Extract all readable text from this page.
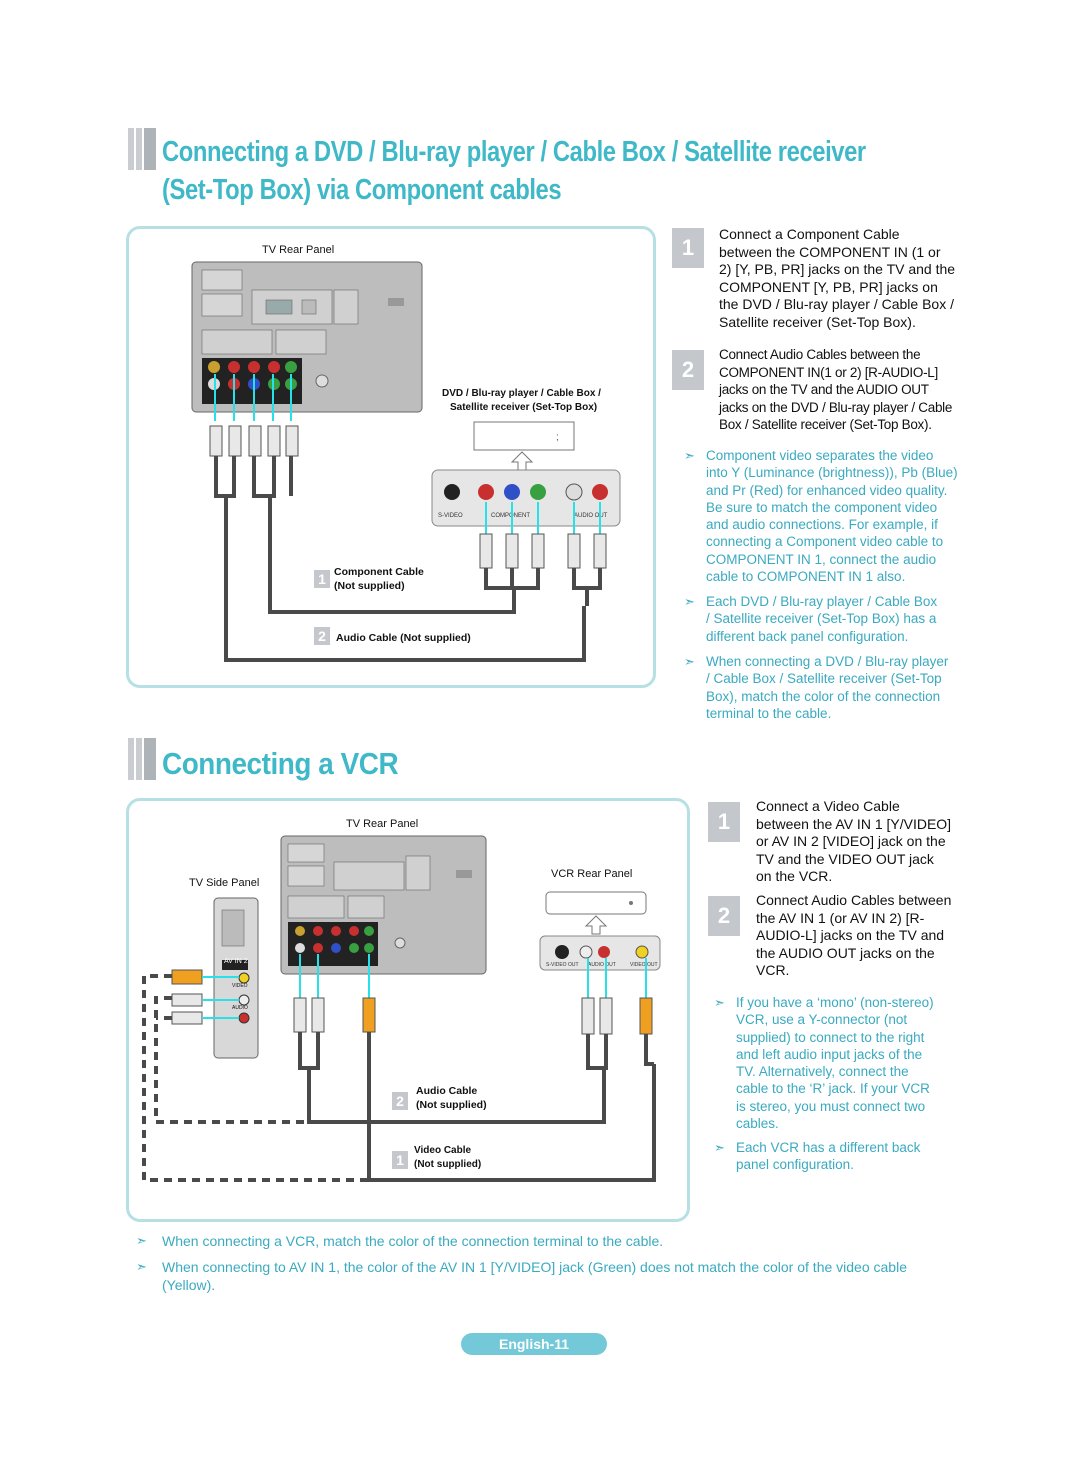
Connecting a DVD / Blu-ray player / Cable Box / Satellite receiver
(Set-Top Box) via Component cables
;
S-VIDEO	COMPONENT	AUDIO OUT
TV Rear Panel
DVD / Blu-ray player / Cable Box /
Satellite receiver (Set-Top Box)
1 Component Cable
(Not supplied)
2 Audio Cable (Not supplied)
1
Connect a Component Cable
between the COMPONENT IN (1 or
2) [Y, PB, PR] jacks on the TV and the
COMPONENT [Y, PB, PR] jacks on
the DVD / Blu-ray player / Cable Box /
Satellite receiver (Set-Top Box).
2
Connect Audio Cables between the
COMPONENT IN(1 or 2) [R-AUDIO-L]
jacks on the TV and the AUDIO OUT
jacks on the DVD / Blu-ray player / Cable
Box / Satellite receiver (Set-Top Box).
➣ Component video separates the video
into Y (Luminance (brightness)), Pb (Blue)
and Pr (Red) for enhanced video quality.
Be sure to match the component video
and audio connections. For example, if
connecting a Component video cable to
COMPONENT IN 1, connect the audio
cable to COMPONENT IN 1 also.
➣ Each DVD / Blu-ray player / Cable Box
/ Satellite receiver (Set-Top Box) has a
different back panel configuration.
➣ When connecting a DVD / Blu-ray player
/ Cable Box / Satellite receiver (Set-Top
Box), match the color of the connection
terminal to the cable.
Connecting a VCR
S-VIDEO OUT AUDIO OUT	VIDEO OUT
TV Rear Panel
TV Side Panel
VCR Rear Panel
AV IN 2
VIDEO
AUDIO
2
Audio Cable
(Not supplied)
1
Video Cable
(Not supplied)
1
Connect a Video Cable
between the AV IN 1 [Y/VIDEO]
or AV IN 2 [VIDEO] jack on the
TV and the VIDEO OUT jack
on the VCR.
2
Connect Audio Cables between
the AV IN 1 (or AV IN 2) [R-
AUDIO-L] jacks on the TV and
the AUDIO OUT jacks on the
VCR.
➣ If you have a ‘mono’ (non-stereo)
VCR, use a Y-connector (not
supplied) to connect to the right
and left audio input jacks of the
TV. Alternatively, connect the
cable to the ‘R’ jack. If your VCR
is stereo, you must connect two
cables.
➣ Each VCR has a different back
panel configuration.
➣ When connecting a VCR, match the color of the connection terminal to the cable.
➣ When connecting to AV IN 1, the color of the AV IN 1 [Y/VIDEO] jack (Green) does not match the color of the video cable (Yellow).
English-11
